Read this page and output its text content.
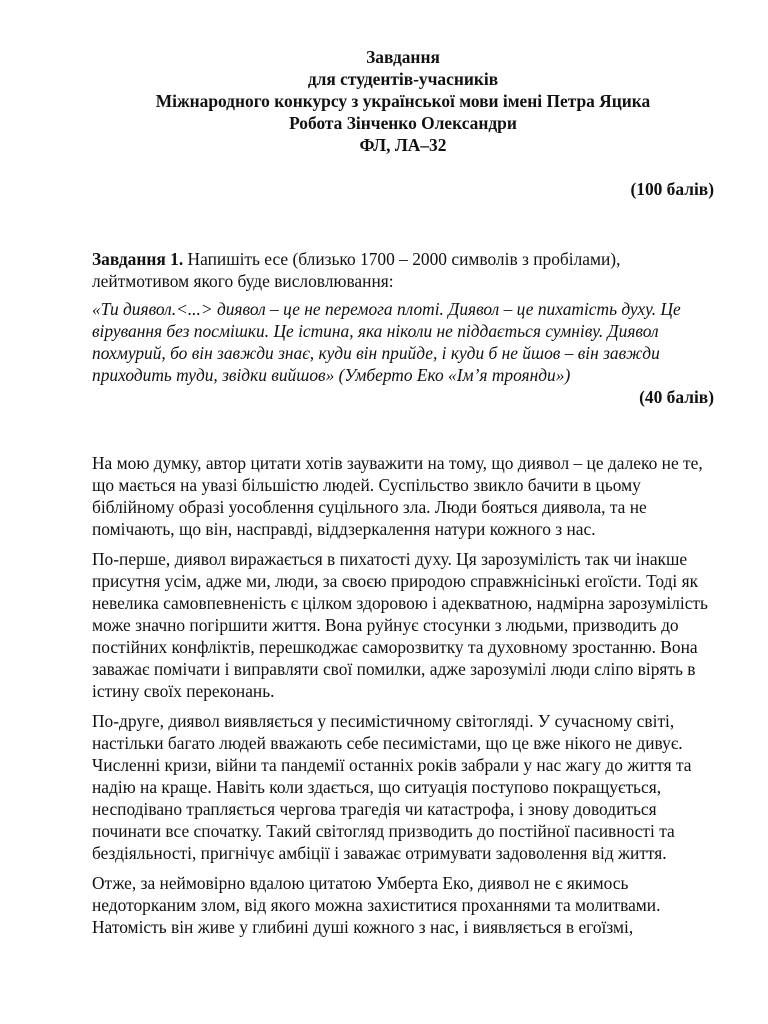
Завдання

для студентів-учасників

Міжнародного конкурсу з української мови імені Петра Яцика

Робота Зінченко Олександри

ФЛ, ЛА–32

(100 балів)

Завдання 1. Напишіть есе (близько 1700 – 2000 символів з пробілами), лейтмотивом якого буде висловлювання:

«Ти диявол.<...> диявол – це не перемога плоті. Диявол – це пихатість духу. Це вірування без посмішки. Це істина, яка ніколи не піддається сумніву. Диявол похмурий, бо він завжди знає, куди він прийде, і куди б не йшов – він завжди приходить туди, звідки вийшов» (Умберто Еко «Ім’я троянди»)

(40 балів)

На мою думку, автор цитати хотів зауважити на тому, що диявол – це далеко не те, що мається на увазі більшістю людей. Суспільство звикло бачити в цьому біблійному образі уособлення суцільного зла. Люди бояться диявола, та не помічають, що він, насправді, віддзеркалення натури кожного з нас.

По-перше, диявол виражається в пихатості духу. Ця зарозумілість так чи інакше присутня усім, адже ми, люди, за своєю природою справжнісінькі егоїсти. Тоді як невелика самовпевненість є цілком здоровою і адекватною, надмірна зарозумілість може значно погіршити життя. Вона руйнує стосунки з людьми, призводить до постійних конфліктів, перешкоджає саморозвитку та духовному зростанню. Вона заважає помічати і виправляти свої помилки, адже зарозумілі люди сліпо вірять в істину своїх переконань.

По-друге, диявол виявляється у песимістичному світогляді. У сучасному світі, настільки багато людей вважають себе песимістами, що це вже нікого не дивує. Численні кризи, війни та пандемії останніх років забрали у нас жагу до життя та надію на краще. Навіть коли здається, що ситуація поступово покращується, несподівано трапляється чергова трагедія чи катастрофа, і знову доводиться починати все спочатку. Такий світогляд призводить до постійної пасивності та бездіяльності, пригнічує амбіції і заважає отримувати задоволення від життя.

Отже, за неймовірно вдалою цитатою Умберта Еко, диявол не є якимось недоторканим злом, від якого можна захиститися проханнями та молитвами. Натомість він живе у глибині душі кожного з нас, і виявляється в егоїзмі,
